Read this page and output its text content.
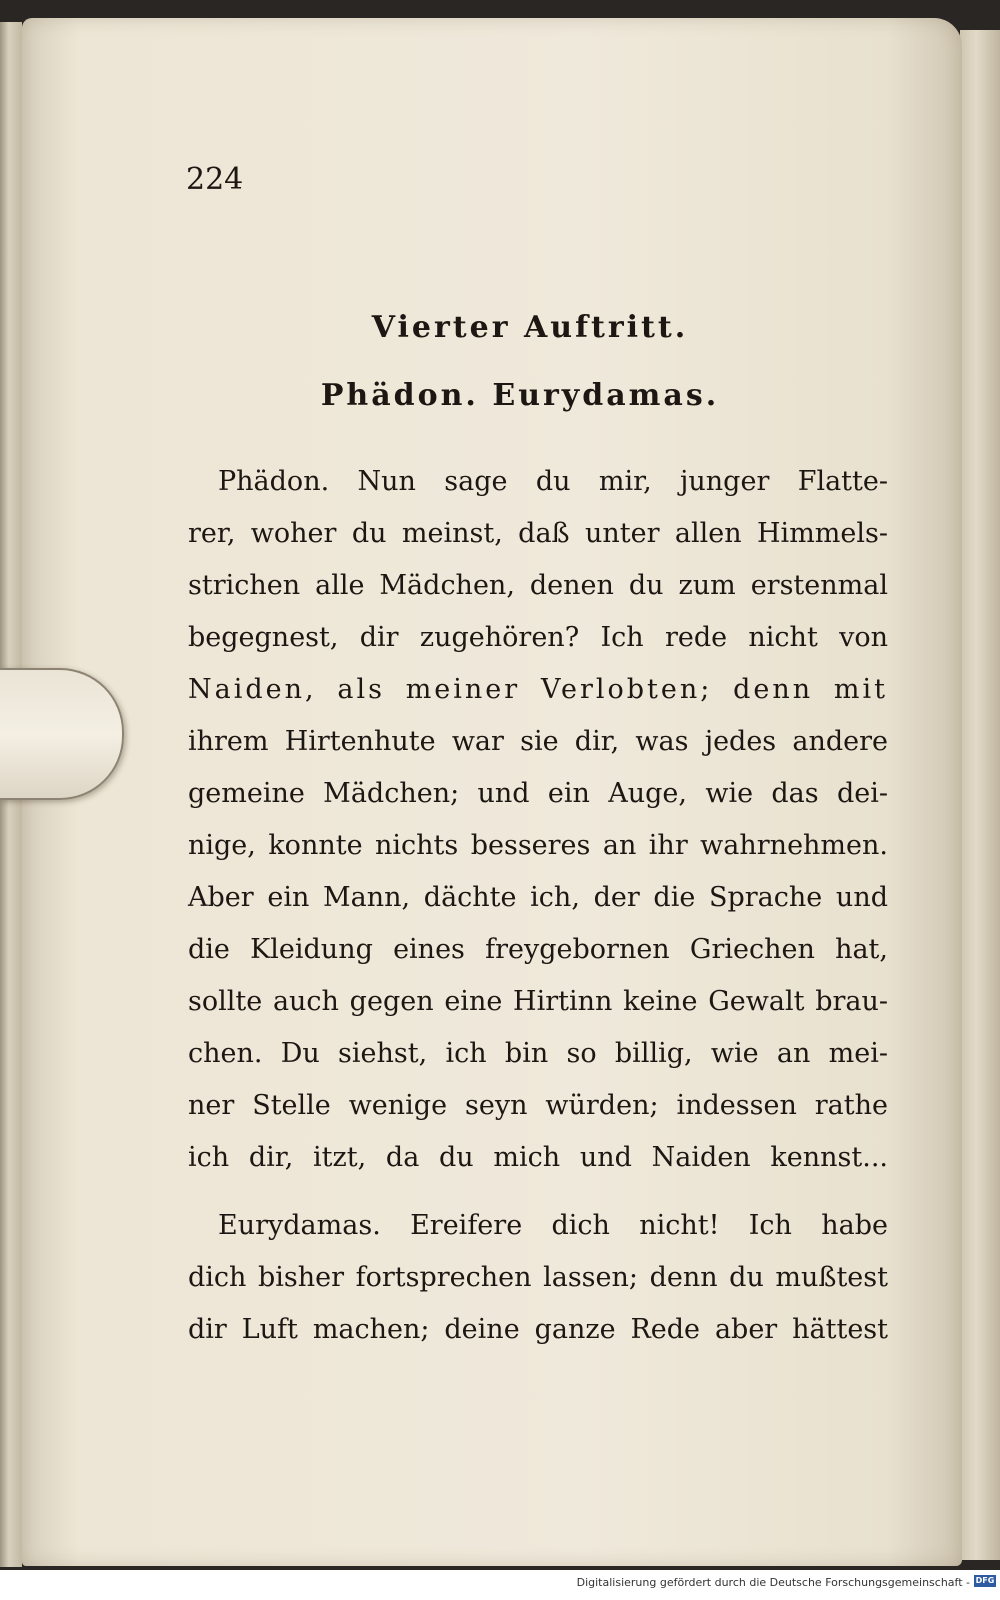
224
Vierter Auftritt.
Phädon. Eurydamas.
Phädon. Nun sage du mir, junger Flatte-
rer, woher du meinst, daß unter allen Himmels-
strichen alle Mädchen, denen du zum erstenmal
begegnest, dir zugehören? Ich rede nicht von
Naiden, als meiner Verlobten; denn mit
ihrem Hirtenhute war sie dir, was jedes andere
gemeine Mädchen; und ein Auge, wie das dei-
nige, konnte nichts besseres an ihr wahrnehmen.
Aber ein Mann, dächte ich, der die Sprache und
die Kleidung eines freygebornen Griechen hat,
sollte auch gegen eine Hirtinn keine Gewalt brau-
chen. Du siehst, ich bin so billig, wie an mei-
ner Stelle wenige seyn würden; indessen rathe
ich dir, itzt, da du mich und Naiden kennst...
Eurydamas. Ereifere dich nicht! Ich habe
dich bisher fortsprechen lassen; denn du mußtest
dir Luft machen; deine ganze Rede aber hättest
Digitalisierung gefördert durch die Deutsche Forschungsgemeinschaft - DFG
